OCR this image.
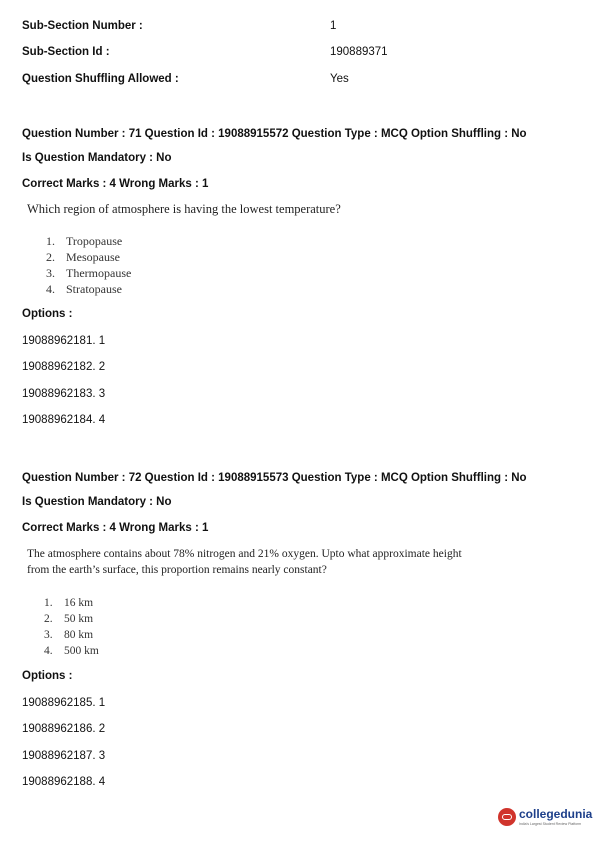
Sub-Section Number :	1
Sub-Section Id :	190889371
Question Shuffling Allowed :	Yes
Question Number : 71 Question Id : 19088915572 Question Type : MCQ Option Shuffling : No
Is Question Mandatory : No
Correct Marks : 4 Wrong Marks : 1
Which region of atmosphere is having the lowest temperature?
1. Tropopause
2. Mesopause
3. Thermopause
4. Stratopause
Options :
19088962181. 1
19088962182. 2
19088962183. 3
19088962184. 4
Question Number : 72 Question Id : 19088915573 Question Type : MCQ Option Shuffling : No
Is Question Mandatory : No
Correct Marks : 4 Wrong Marks : 1
The atmosphere contains about 78% nitrogen and 21% oxygen. Upto what approximate height
from the earth’s surface, this proportion remains nearly constant?
1. 16 km
2. 50 km
3. 80 km
4. 500 km
Options :
19088962185. 1
19088962186. 2
19088962187. 3
19088962188. 4
collegedunia
India's Largest Student Review Platform
